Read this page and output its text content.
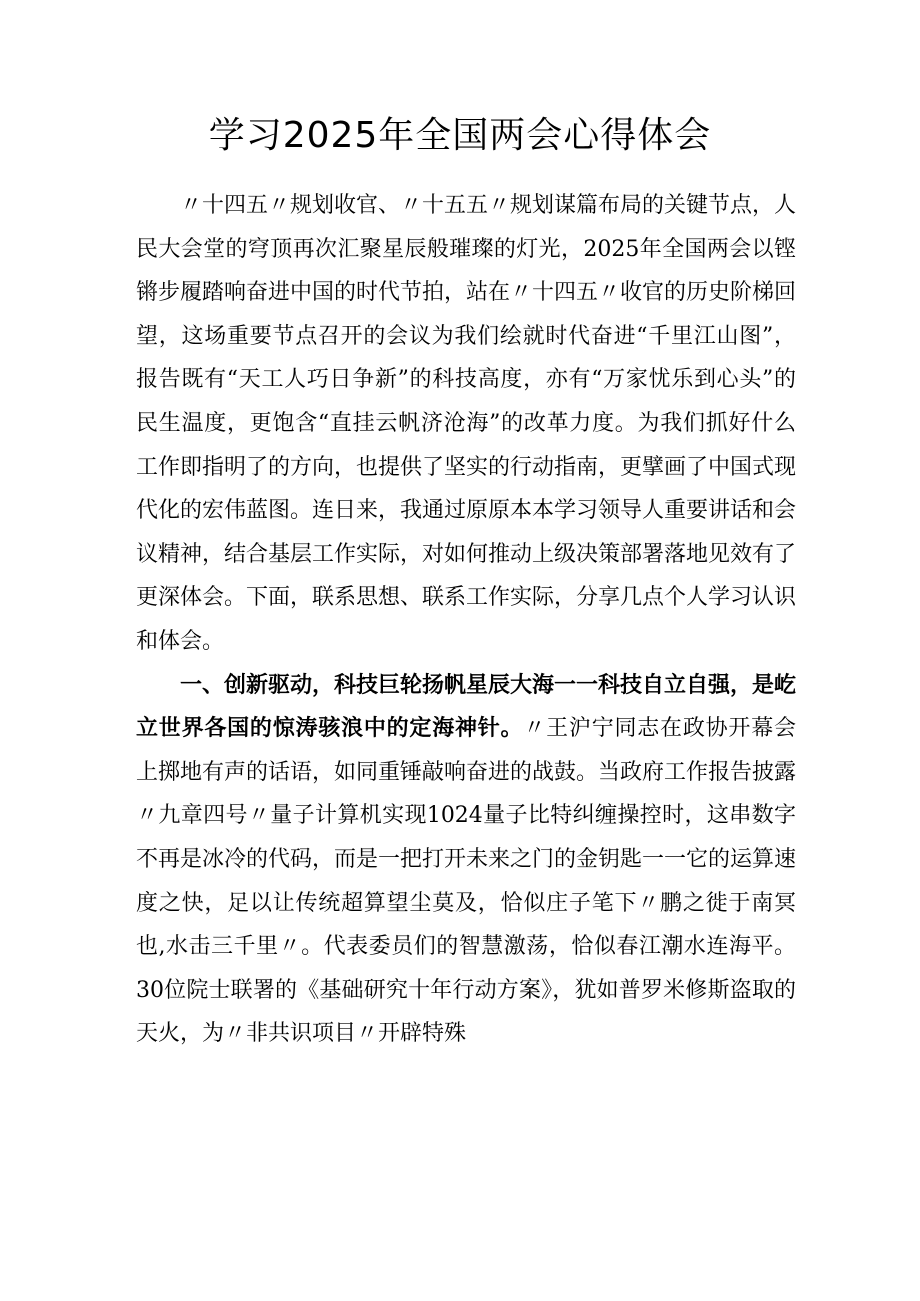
学习2025年全国两会心得体会

〃十四五〃规划收官、〃十五五〃规划谋篇布局的关键节点，人民大会堂的穹顶再次汇聚星辰般璀璨的灯光，2025年全国两会以铿锵步履踏响奋进中国的时代节拍，站在〃十四五〃收官的历史阶梯回望，这场重要节点召开的会议为我们绘就时代奋进“千里江山图”，报告既有“天工人巧日争新”的科技高度，亦有“万家忧乐到心头”的民生温度，更饱含“直挂云帆济沧海”的改革力度。为我们抓好什么工作即指明了的方向，也提供了坚实的行动指南，更擘画了中国式现代化的宏伟蓝图。连日来，我通过原原本本学习领导人重要讲话和会议精神，结合基层工作实际，对如何推动上级决策部署落地见效有了更深体会。下面，联系思想、联系工作实际，分享几点个人学习认识和体会。

一、创新驱动，科技巨轮扬帆星辰大海一一科技自立自强，是屹立世界各国的惊涛骇浪中的定海神针。〃王沪宁同志在政协开幕会上掷地有声的话语，如同重锤敲响奋进的战鼓。当政府工作报告披露〃九章四号〃量子计算机实现1024量子比特纠缠操控时，这串数字不再是冰冷的代码，而是一把打开未来之门的金钥匙一一它的运算速度之快，足以让传统超算望尘莫及，恰似庄子笔下〃鹏之徙于南冥也,水击三千里〃。代表委员们的智慧激荡，恰似春江潮水连海平。30位院士联署的《基础研究十年行动方案》，犹如普罗米修斯盗取的天火，为〃非共识项目〃开辟特殊
